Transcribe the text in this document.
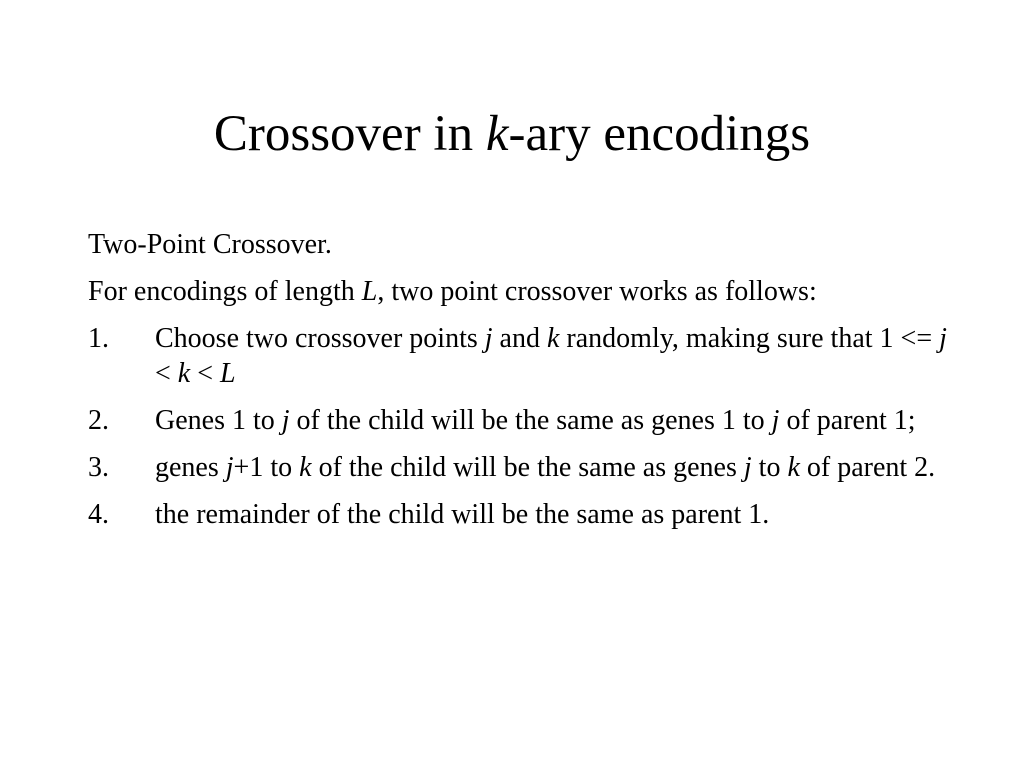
Crossover in k-ary encodings

Two-Point Crossover.

For encodings of length L, two point crossover works as follows:

1. Choose two crossover points j and k randomly, making sure that 1 <= j < k < L
2. Genes 1 to j of the child will be the same as genes 1 to j of parent 1;
3. genes j+1 to k of the child will be the same as genes j to k of parent 2.
4. the remainder of the child will be the same as parent 1.
